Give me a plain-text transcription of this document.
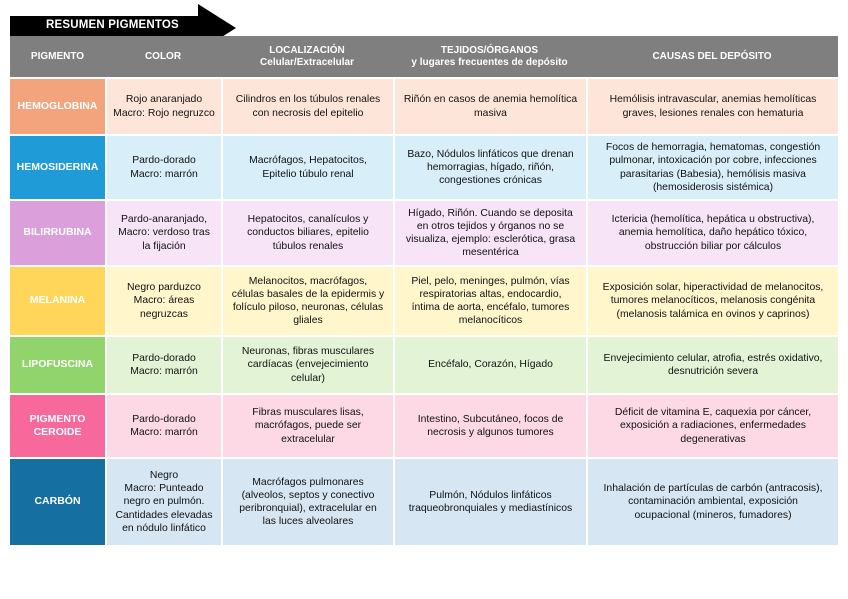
RESUMEN PIGMENTOS
PIGMENTO	COLOR
LOCALIZACIÓN
Celular/Extracelular
TEJIDOS/ÓRGANOS
y lugares frecuentes de depósito
CAUSAS DEL DEPÓSITO
HEMOGLOBINA
Rojo anaranjado
Macro: Rojo negruzco
Cilindros en los túbulos renales
con necrosis del epitelio
Riñón en casos de anemia hemolítica
masiva
Hemólisis intravascular, anemias hemolíticas
graves, lesiones renales con hematuria
HEMOSIDERINA
Pardo-dorado
Macro: marrón
Macrófagos, Hepatocitos,
Epitelio túbulo renal
Bazo, Nódulos linfáticos que drenan
hemorragias, hígado, riñón,
congestiones crónicas
Focos de hemorragia, hematomas, congestión
pulmonar, intoxicación por cobre, infecciones
parasitarias (Babesia), hemólisis masiva
(hemosiderosis sistémica)
BILIRRUBINA
Pardo-anaranjado,
Macro: verdoso tras
la fijación
Hepatocitos, canalículos y
conductos biliares, epitelio
túbulos renales
Hígado, Riñón. Cuando se deposita
en otros tejidos y órganos no se
visualiza, ejemplo: esclerótica, grasa
mesentérica
Ictericia (hemolítica, hepática u obstructiva),
anemia hemolítica, daño hepático tóxico,
obstrucción biliar por cálculos
MELANINA
Negro parduzco
Macro: áreas
negruzcas
Melanocitos, macrófagos,
células basales de la epidermis y
folículo piloso, neuronas, células
gliales
Piel, pelo, meninges, pulmón, vías
respiratorias altas, endocardio,
íntima de aorta, encéfalo, tumores
melanocíticos
Exposición solar, hiperactividad de melanocitos,
tumores melanocíticos, melanosis congénita
(melanosis talámica en ovinos y caprinos)
LIPOFUSCINA
Pardo-dorado
Macro: marrón
Neuronas, fibras musculares
cardíacas (envejecimiento
celular)
Encéfalo, Corazón, Hígado
Envejecimiento celular, atrofia, estrés oxidativo,
desnutrición severa
PIGMENTO
CEROIDE
Pardo-dorado
Macro: marrón
Fibras musculares lisas,
macrófagos, puede ser
extracelular
Intestino, Subcutáneo, focos de
necrosis y algunos tumores
Déficit de vitamina E, caquexia por cáncer,
exposición a radiaciones, enfermedades
degenerativas
CARBÓN
Negro
Macro: Punteado
negro en pulmón.
Cantidades elevadas
en nódulo linfático
Macrófagos pulmonares
(alveolos, septos y conectivo
peribronquial), extracelular en
las luces alveolares
Pulmón, Nódulos linfáticos
traqueobronquiales y mediastínicos
Inhalación de partículas de carbón (antracosis),
contaminación ambiental, exposición
ocupacional (mineros, fumadores)
